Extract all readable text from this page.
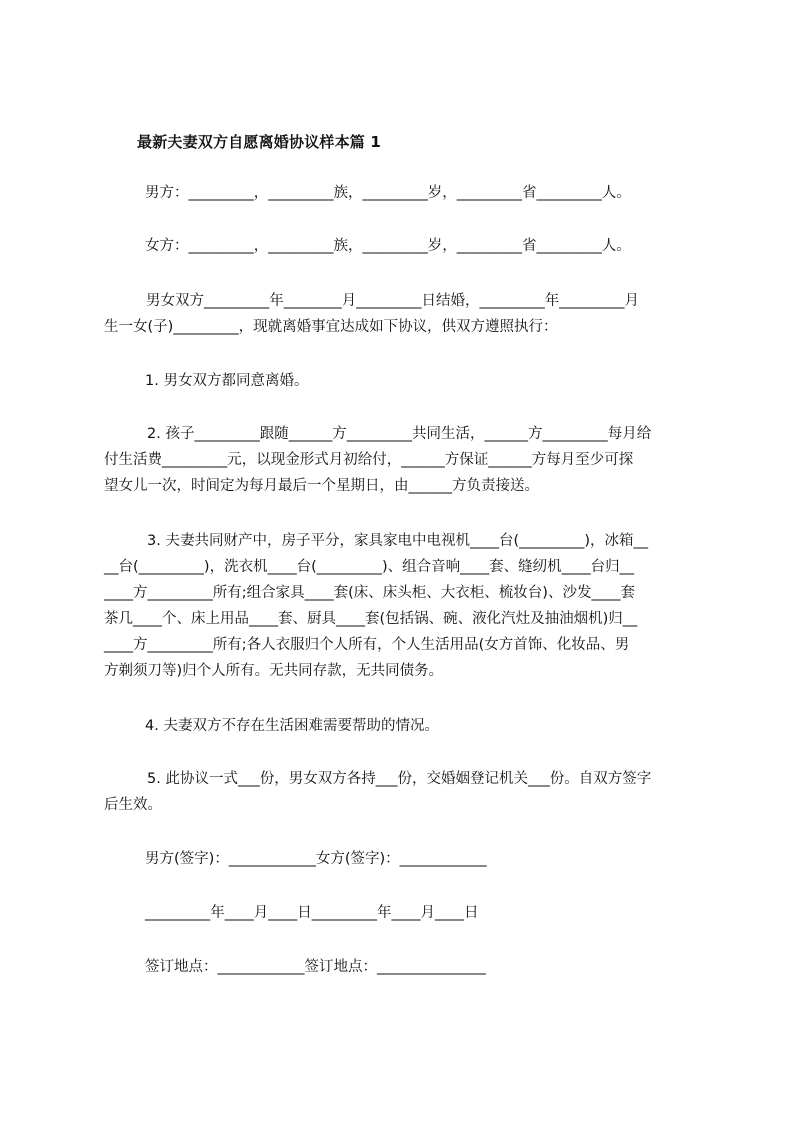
最新夫妻双方自愿离婚协议样本篇 1
男方：_________，_________族，_________岁，_________省_________人。
女方：_________，_________族，_________岁，_________省_________人。

男女双方_________年________月_________日结婚，_________年_________月

生一女(子)_________，现就离婚事宜达成如下协议，供双方遵照执行：

1. 男女双方都同意离婚。

2. 孩子_________跟随______方_________共同生活，______方_________每月给

付生活费_________元，以现金形式月初给付，______方保证______方每月至少可探

望女儿一次，时间定为每月最后一个星期日，由______方负责接送。

3. 夫妻共同财产中，房子平分，家具家电中电视机____台(_________)，冰箱__

__台(_________)，洗衣机____台(_________)、组合音响____套、缝纫机____台归__

____方_________所有;组合家具____套(床、床头柜、大衣柜、梳妆台)、沙发____套

茶几____个、床上用品____套、厨具____套(包括锅、碗、液化汽灶及抽油烟机)归__

____方_________所有;各人衣服归个人所有，个人生活用品(女方首饰、化妆品、男

方剃须刀等)归个人所有。无共同存款，无共同债务。

4. 夫妻双方不存在生活困难需要帮助的情况。

5. 此协议一式___份，男女双方各持___份，交婚姻登记机关___份。自双方签字

后生效。

男方(签字)：____________女方(签字)：____________
_________年____月____日_________年____月____日
签订地点：____________签订地点：_______________
